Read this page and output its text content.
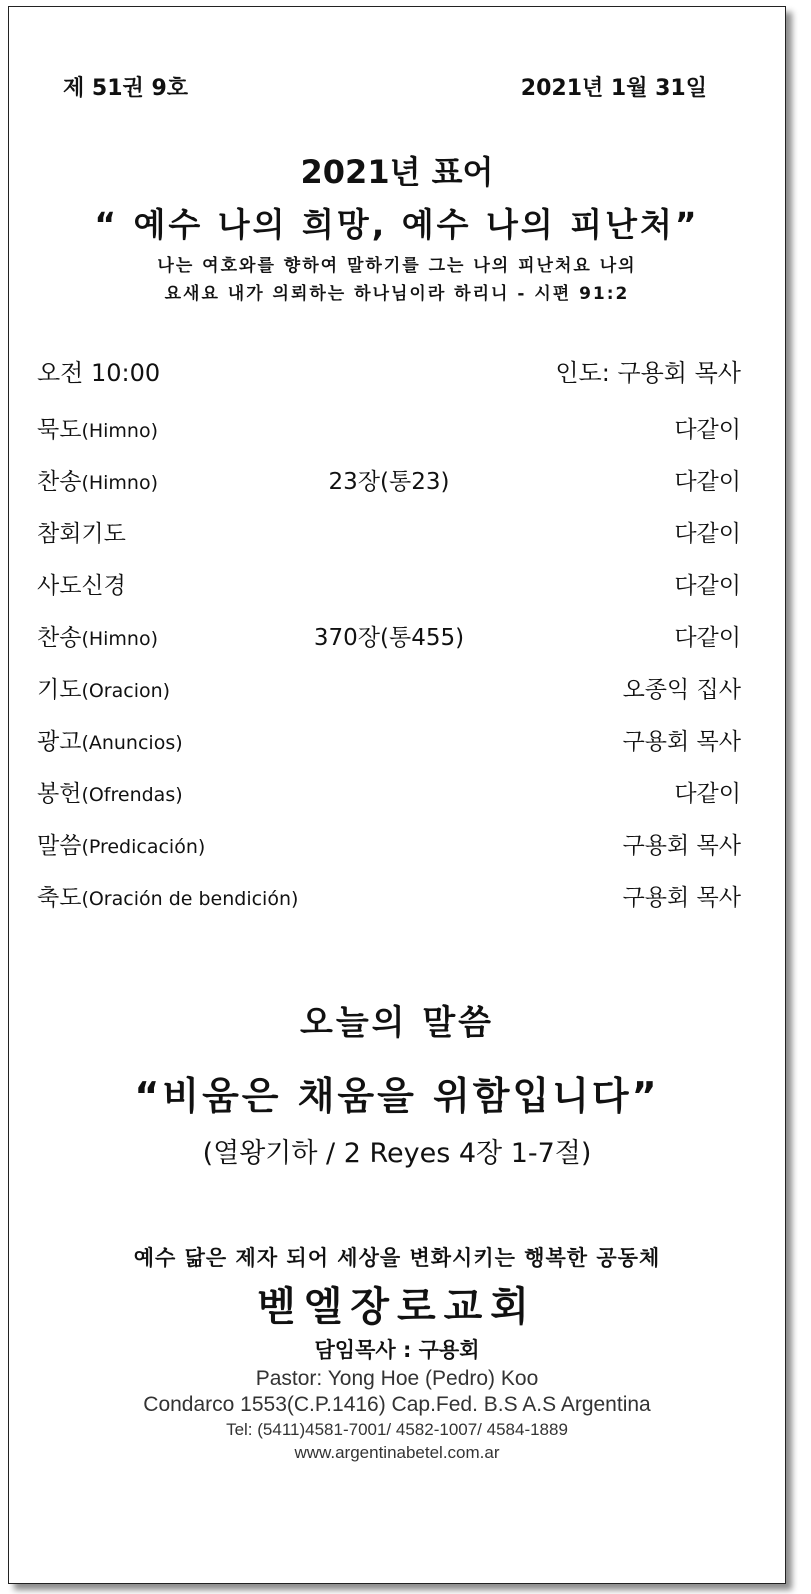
제 51권 9호	2021년 1월 31일
2021년 표어
“ 예수 나의 희망, 예수 나의 피난처”
나는 여호와를 향하여 말하기를 그는 나의 피난처요 나의
요새요 내가 의뢰하는 하나님이라 하리니 - 시편 91:2
오전 10:00	인도: 구용회 목사
묵도(Himno)	다같이
찬송(Himno)	23장(통23)	다같이
참회기도	다같이
사도신경	다같이
찬송(Himno)	370장(통455)	다같이
기도(Oracion)	오종익 집사
광고(Anuncios)	구용회 목사
봉헌(Ofrendas)	다같이
말씀(Predicación)	구용회 목사
축도(Oración de bendición)	구용회 목사
오늘의 말씀
“비움은 채움을 위함입니다”
(열왕기하 / 2 Reyes 4장 1-7절)
예수 닮은 제자 되어 세상을 변화시키는 행복한 공동체
벧엘장로교회
담임목사 : 구용회
Pastor: Yong Hoe (Pedro) Koo
Condarco 1553(C.P.1416) Cap.Fed. B.S A.S Argentina
Tel: (5411)4581-7001/ 4582-1007/ 4584-1889
www.argentinabetel.com.ar
